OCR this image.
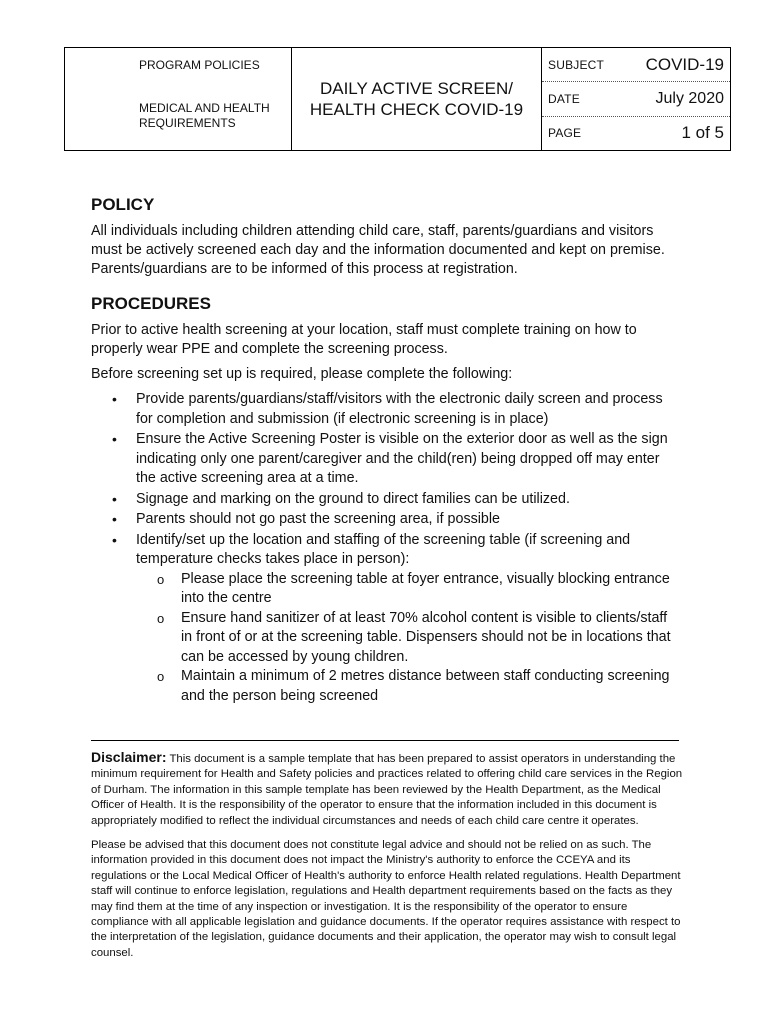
PROGRAM POLICIES
MEDICAL AND HEALTH REQUIREMENTS
DAILY ACTIVE SCREEN/
HEALTH CHECK COVID-19
SUBJECT COVID-19
DATE	July 2020
PAGE	1 of 5
POLICY

All individuals including children attending child care, staff, parents/guardians and visitors must be actively screened each day and the information documented and kept on premise. Parents/guardians are to be informed of this process at registration.

PROCEDURES

Prior to active health screening at your location, staff must complete training on how to properly wear PPE and complete the screening process.

Before screening set up is required, please complete the following:

• Provide parents/guardians/staff/visitors with the electronic daily screen and process for completion and submission (if electronic screening is in place)
• Ensure the Active Screening Poster is visible on the exterior door as well as the sign indicating only one parent/caregiver and the child(ren) being dropped off may enter the active screening area at a time.
• Signage and marking on the ground to direct families can be utilized.
• Parents should not go past the screening area, if possible
• Identify/set up the location and staffing of the screening table (if screening and temperature checks takes place in person):
o Please place the screening table at foyer entrance, visually blocking entrance into the centre
o Ensure hand sanitizer of at least 70% alcohol content is visible to clients/staff in front of or at the screening table. Dispensers should not be in locations that can be accessed by young children.
o Maintain a minimum of 2 metres distance between staff conducting screening and the person being screened

Disclaimer: This document is a sample template that has been prepared to assist operators in understanding the minimum requirement for Health and Safety policies and practices related to offering child care services in the Region of Durham. The information in this sample template has been reviewed by the Health Department, as the Medical Officer of Health. It is the responsibility of the operator to ensure that the information included in this document is appropriately modified to reflect the individual circumstances and needs of each child care centre it operates.

Please be advised that this document does not constitute legal advice and should not be relied on as such. The information provided in this document does not impact the Ministry's authority to enforce the CCEYA and its regulations or the Local Medical Officer of Health's authority to enforce Health related regulations. Health Department staff will continue to enforce legislation, regulations and Health department requirements based on the facts as they may find them at the time of any inspection or investigation. It is the responsibility of the operator to ensure compliance with all applicable legislation and guidance documents. If the operator requires assistance with respect to the interpretation of the legislation, guidance documents and their application, the operator may wish to consult legal counsel.
